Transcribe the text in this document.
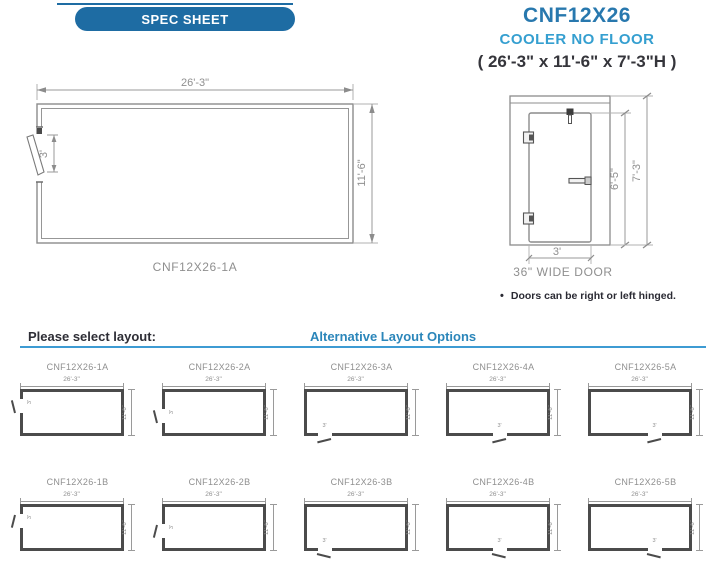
SPEC SHEET	CNF12X26
COOLER NO FLOOR
( 26'-3" x 11'-6" x 7'-3"H )
26'-3"
3'
11'-6"
CNF12X26-1A
6'-5" 7'-3"
3'
36" WIDE DOOR
• Doors can be right or left hinged.
Please select layout:	Alternative Layout Options
CNF12X26-1A
26'-3"
11'-6"
3'
CNF12X26-2A
26'-3"
11'-6"
3'
CNF12X26-3A
26'-3"
11'-6"
3'
CNF12X26-4A
26'-3"
11'-6"
3'
CNF12X26-5A
26'-3"
11'-6"
3'
CNF12X26-1B
26'-3"
11'-6"
3'
CNF12X26-2B
26'-3"
11'-6"
3'
CNF12X26-3B
26'-3"
11'-6"
3'
CNF12X26-4B
26'-3"
11'-6"
3'
CNF12X26-5B
26'-3"
11'-6"
3'
